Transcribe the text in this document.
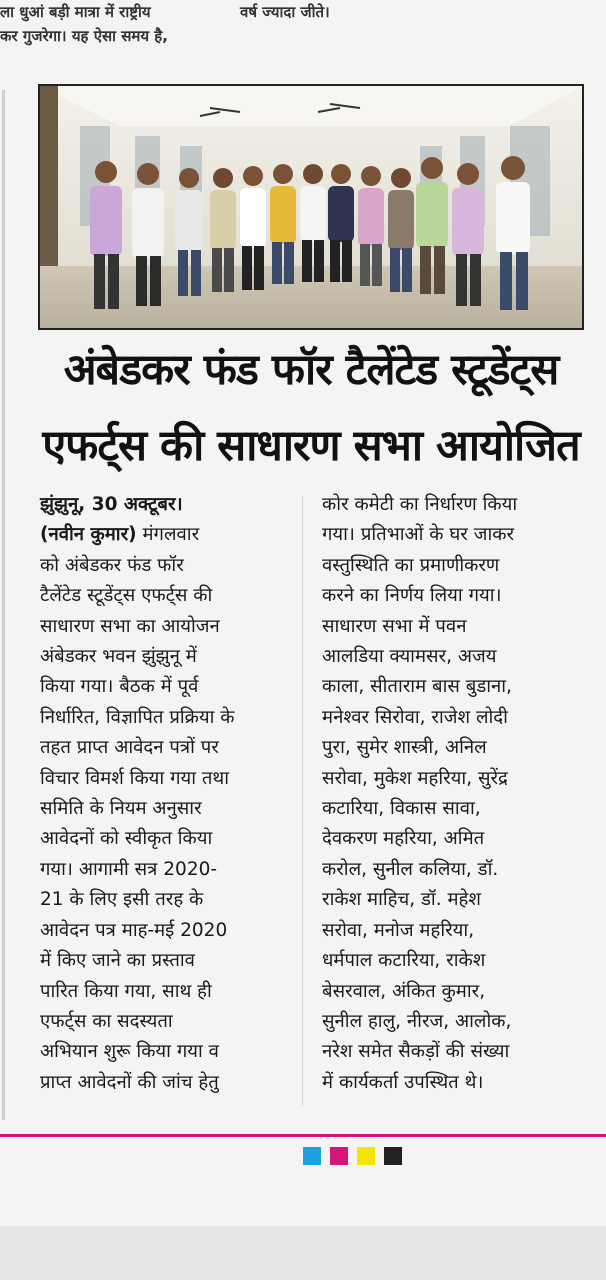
ला धुआं बड़ी मात्रा में राष्ट्रीय
कर गुजरेगा। यह ऐसा समय है,
वर्ष ज्यादा जीते।
अंबेडकर फंड फॉर टैलेंटेड स्टूडेंट्स
एफर्ट्स की साधारण सभा आयोजित
झुंझुनू, 30 अक्टूबर।
(नवीन कुमार) मंगलवार
को अंबेडकर फंड फॉर
टैलेंटेड स्टूडेंट्स एफर्ट्स की
साधारण सभा का आयोजन
अंबेडकर भवन झुंझुनू में
किया गया। बैठक में पूर्व
निर्धारित, विज्ञापित प्रक्रिया के
तहत प्राप्त आवेदन पत्रों पर
विचार विमर्श किया गया तथा
समिति के नियम अनुसार
आवेदनों को स्वीकृत किया
गया। आगामी सत्र 2020-
21 के लिए इसी तरह के
आवेदन पत्र माह-मई 2020
में किए जाने का प्रस्ताव
पारित किया गया, साथ ही
एफर्ट्स का सदस्यता
अभियान शुरू किया गया व
प्राप्त आवेदनों की जांच हेतु
कोर कमेटी का निर्धारण किया
गया। प्रतिभाओं के घर जाकर
वस्तुस्थिति का प्रमाणीकरण
करने का निर्णय लिया गया।
साधारण सभा में पवन
आलडिया क्यामसर, अजय
काला, सीताराम बास बुडाना,
मनेश्वर सिरोवा, राजेश लोदी
पुरा, सुमेर शास्त्री, अनिल
सरोवा, मुकेश महरिया, सुरेंद्र
कटारिया, विकास सावा,
देवकरण महरिया, अमित
करोल, सुनील कलिया, डॉ.
राकेश माहिच, डॉ. महेश
सरोवा, मनोज महरिया,
धर्मपाल कटारिया, राकेश
बेसरवाल, अंकित कुमार,
सुनील हालु, नीरज, आलोक,
नरेश समेत सैकड़ों की संख्या
में कार्यकर्ता उपस्थित थे।
